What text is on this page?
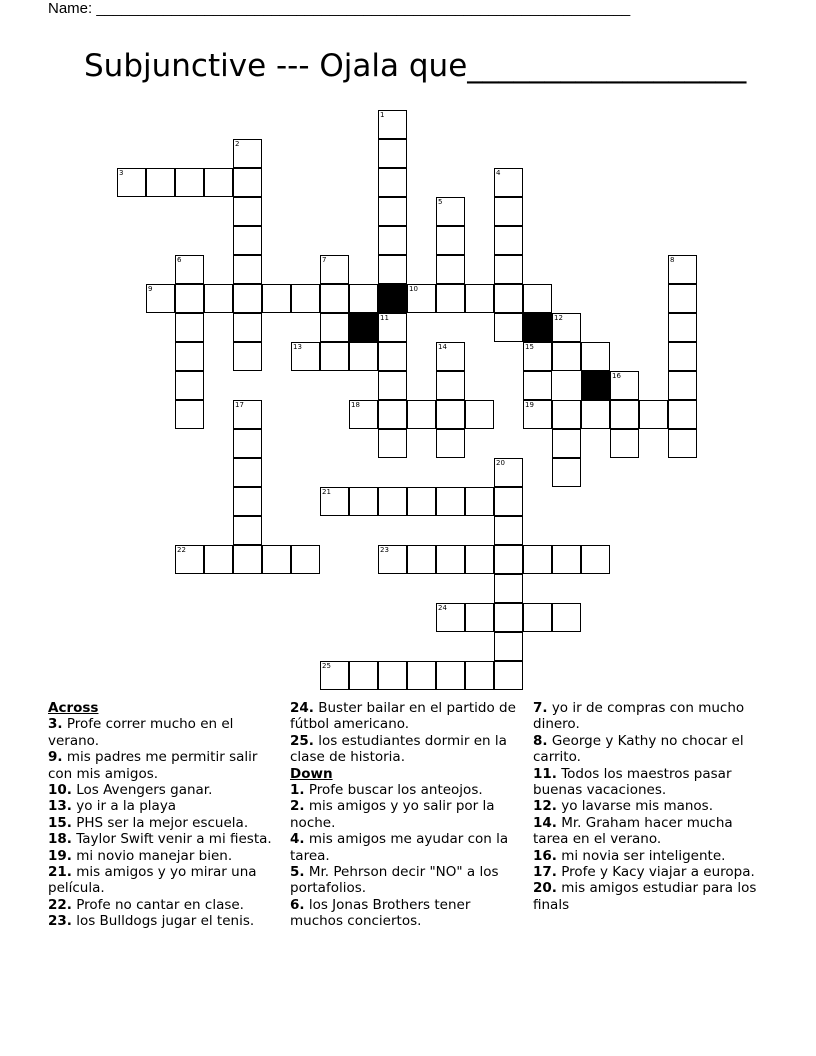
Name: ________________________________________________________________
Subjunctive --- Ojala que__________________
1
2
3	4
5
6	7	8
9	10
11	12
13	14	15
16
17	18	19
20
21
22	23
24
25
Across
3. Profe correr mucho en el verano.
9. mis padres me permitir salir con mis amigos.
10. Los Avengers ganar.
13. yo ir a la playa
15. PHS ser la mejor escuela.
18. Taylor Swift venir a mi fiesta.
19. mi novio manejar bien.
21. mis amigos y yo mirar una película.
22. Profe no cantar en clase.
23. los Bulldogs jugar el tenis.
24. Buster bailar en el partido de fútbol americano.
25. los estudiantes dormir en la clase de historia.
Down
1. Profe buscar los anteojos.
2. mis amigos y yo salir por la noche.
4. mis amigos me ayudar con la tarea.
5. Mr. Pehrson decir "NO" a los portafolios.
6. los Jonas Brothers tener muchos conciertos.
7. yo ir de compras con mucho dinero.
8. George y Kathy no chocar el carrito.
11. Todos los maestros pasar buenas vacaciones.
12. yo lavarse mis manos.
14. Mr. Graham hacer mucha tarea en el verano.
16. mi novia ser inteligente.
17. Profe y Kacy viajar a europa.
20. mis amigos estudiar para los finals
